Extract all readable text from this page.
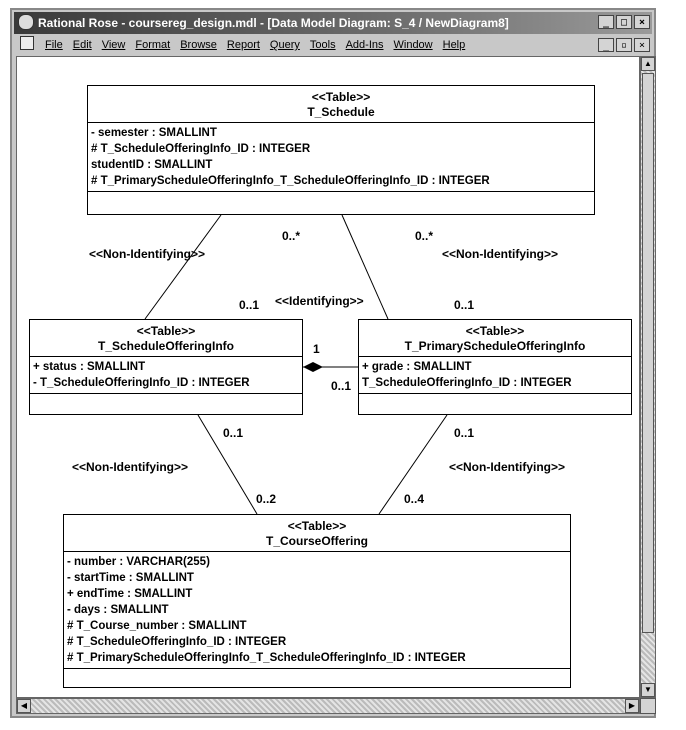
Rational Rose - coursereg_design.mdl - [Data Model Diagram: S_4 / NewDiagram8]	_	□	×
File Edit View Format Browse Report Query Tools Add-Ins Window Help	_	▫	×
<<Non-Identifying>>
0..*
0..1
0..*
<<Non-Identifying>>
0..1
<<Identifying>>
1
0..1
0..1
<<Non-Identifying>>
0..2
0..1
<<Non-Identifying>>
0..4
<<Table>>
T_Schedule
- semester : SMALLINT
# T_ScheduleOfferingInfo_ID : INTEGER
studentID : SMALLINT
# T_PrimaryScheduleOfferingInfo_T_ScheduleOfferingInfo_ID : INTEGER
<<Table>>
T_ScheduleOfferingInfo
+ status : SMALLINT
- T_ScheduleOfferingInfo_ID : INTEGER
<<Table>>
T_PrimaryScheduleOfferingInfo
+ grade : SMALLINT
T_ScheduleOfferingInfo_ID : INTEGER
<<Table>>
T_CourseOffering
- number : VARCHAR(255)
- startTime : SMALLINT
+ endTime : SMALLINT
- days : SMALLINT
# T_Course_number : SMALLINT
# T_ScheduleOfferingInfo_ID : INTEGER
# T_PrimaryScheduleOfferingInfo_T_ScheduleOfferingInfo_ID : INTEGER
▲
▼
◀	▶
